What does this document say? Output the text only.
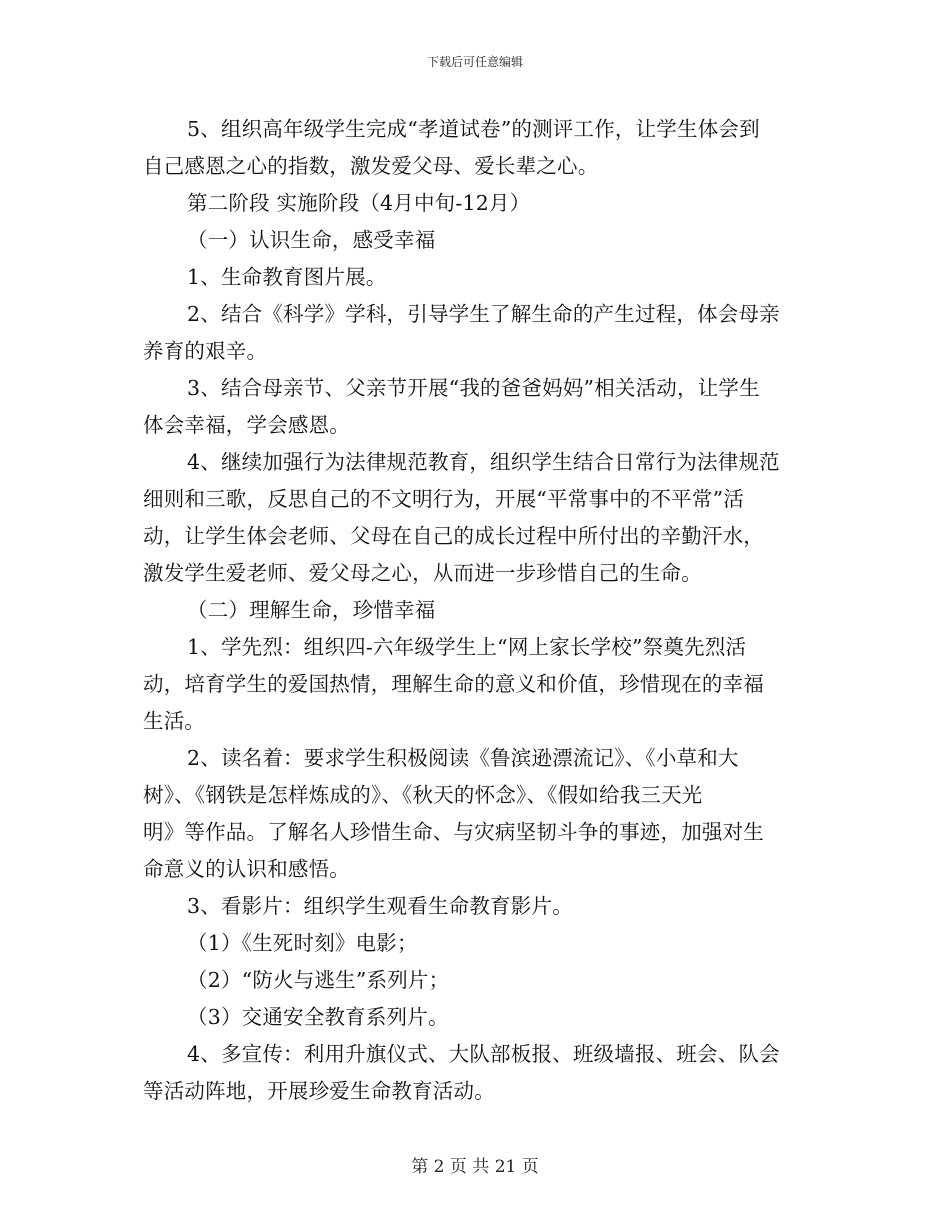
下载后可任意编辑

5、组织高年级学生完成“孝道试卷”的测评工作，让学生体会到

自己感恩之心的指数，激发爱父母、爱长辈之心。

第二阶段 实施阶段（4月中旬-12月）

（一）认识生命，感受幸福

1、生命教育图片展。

2、结合《科学》学科，引导学生了解生命的产生过程，体会母亲

养育的艰辛。

3、结合母亲节、父亲节开展“我的爸爸妈妈”相关活动，让学生

体会幸福，学会感恩。

4、继续加强行为法律规范教育，组织学生结合日常行为法律规范

细则和三歌，反思自己的不文明行为，开展“平常事中的不平常”活

动，让学生体会老师、父母在自己的成长过程中所付出的辛勤汗水，

激发学生爱老师、爱父母之心，从而进一步珍惜自己的生命。

（二）理解生命，珍惜幸福

1、学先烈：组织四-六年级学生上“网上家长学校”祭奠先烈活

动，培育学生的爱国热情，理解生命的意义和价值，珍惜现在的幸福

生活。

2、读名着：要求学生积极阅读《鲁滨逊漂流记》、《小草和大

树》、《钢铁是怎样炼成的》、《秋天的怀念》、《假如给我三天光

明》等作品。了解名人珍惜生命、与灾病坚韧斗争的事迹，加强对生

命意义的认识和感悟。

3、看影片：组织学生观看生命教育影片。

（1）《生死时刻》电影；

（2）“防火与逃生”系列片；

（3）交通安全教育系列片。

4、多宣传：利用升旗仪式、大队部板报、班级墙报、班会、队会

等活动阵地，开展珍爱生命教育活动。

第 2 页 共 21 页
